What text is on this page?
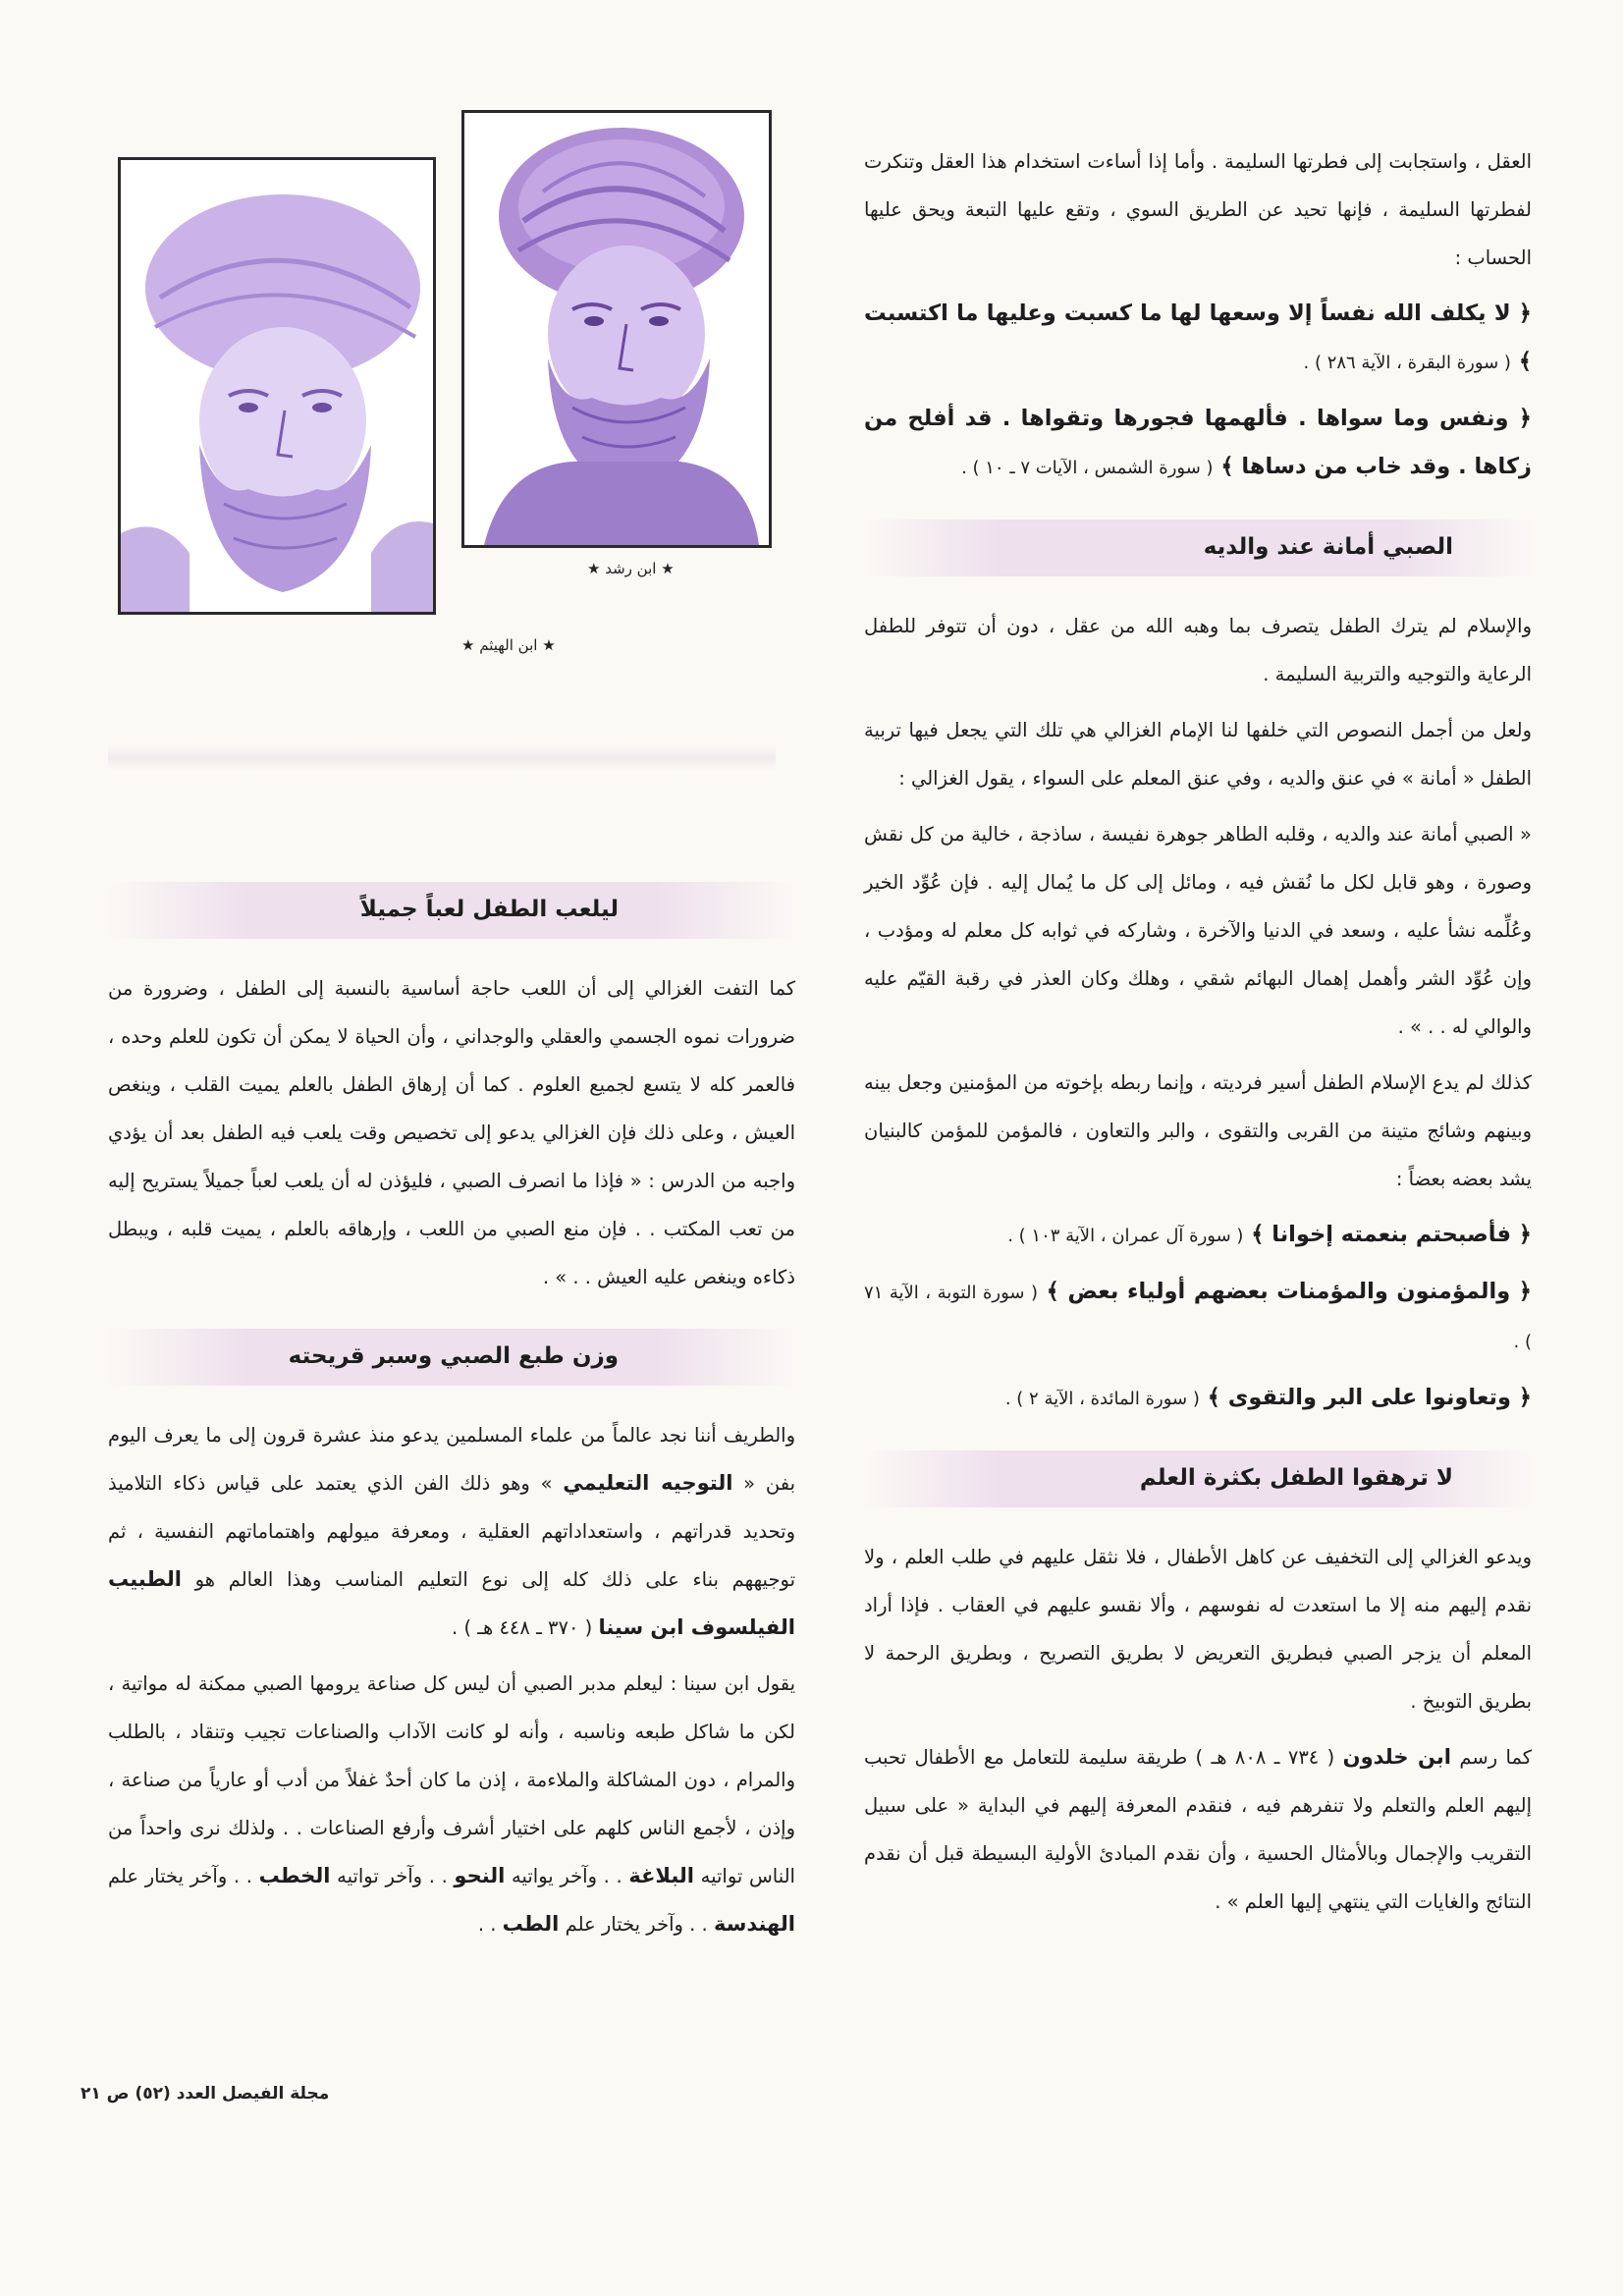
★ ابن رشد ★
★ ابن الهيثم ★

العقل ، واستجابت إلى فطرتها السليمة . وأما إذا أساءت استخدام هذا العقل وتنكرت لفطرتها السليمة ، فإنها تحيد عن الطريق السوي ، وتقع عليها التبعة ويحق عليها الحساب :

﴿ لا يكلف الله نفساً إلا وسعها لها ما كسبت وعليها ما اكتسبت ﴾ ( سورة البقرة ، الآية ٢٨٦ ) .

﴿ ونفس وما سواها . فألهمها فجورها وتقواها . قد أفلح من زكاها . وقد خاب من دساها ﴾ ( سورة الشمس ، الآيات ٧ ـ ١٠ ) .

الصبي أمانة عند والديه

والإسلام لم يترك الطفل يتصرف بما وهبه الله من عقل ، دون أن تتوفر للطفل الرعاية والتوجيه والتربية السليمة .

ولعل من أجمل النصوص التي خلفها لنا الإمام الغزالي هي تلك التي يجعل فيها تربية الطفل « أمانة » في عنق والديه ، وفي عنق المعلم على السواء ، يقول الغزالي :

« الصبي أمانة عند والديه ، وقلبه الطاهر جوهرة نفيسة ، ساذجة ، خالية من كل نقش وصورة ، وهو قابل لكل ما نُقش فيه ، ومائل إلى كل ما يُمال إليه . فإن عُوِّد الخير وعُلِّمه نشأ عليه ، وسعد في الدنيا والآخرة ، وشاركه في ثوابه كل معلم له ومؤدب ، وإن عُوِّد الشر وأهمل إهمال البهائم شقي ، وهلك وكان العذر في رقبة القيّم عليه والوالي له . . » .

كذلك لم يدع الإسلام الطفل أسير فرديته ، وإنما ربطه بإخوته من المؤمنين وجعل بينه وبينهم وشائج متينة من القربى والتقوى ، والبر والتعاون ، فالمؤمن للمؤمن كالبنيان يشد بعضه بعضاً :

﴿ فأصبحتم بنعمته إخوانا ﴾ ( سورة آل عمران ، الآية ١٠٣ ) .

﴿ والمؤمنون والمؤمنات بعضهم أولياء بعض ﴾ ( سورة التوبة ، الآية ٧١ ) .

﴿ وتعاونوا على البر والتقوى ﴾ ( سورة المائدة ، الآية ٢ ) .

لا ترهقوا الطفل بكثرة العلم

ويدعو الغزالي إلى التخفيف عن كاهل الأطفال ، فلا نثقل عليهم في طلب العلم ، ولا نقدم إليهم منه إلا ما استعدت له نفوسهم ، وألا نقسو عليهم في العقاب . فإذا أراد المعلم أن يزجر الصبي فبطريق التعريض لا بطريق التصريح ، وبطريق الرحمة لا بطريق التوبيخ .

كما رسم ابن خلدون ( ٧٣٤ ـ ٨٠٨ هـ ) طريقة سليمة للتعامل مع الأطفال تحبب إليهم العلم والتعلم ولا تنفرهم فيه ، فنقدم المعرفة إليهم في البداية « على سبيل التقريب والإجمال وبالأمثال الحسية ، وأن نقدم المبادئ الأولية البسيطة قبل أن نقدم النتائج والغايات التي ينتهي إليها العلم » .

ليلعب الطفل لعباً جميلاً

كما التفت الغزالي إلى أن اللعب حاجة أساسية بالنسبة إلى الطفل ، وضرورة من ضرورات نموه الجسمي والعقلي والوجداني ، وأن الحياة لا يمكن أن تكون للعلم وحده ، فالعمر كله لا يتسع لجميع العلوم . كما أن إرهاق الطفل بالعلم يميت القلب ، وينغص العيش ، وعلى ذلك فإن الغزالي يدعو إلى تخصيص وقت يلعب فيه الطفل بعد أن يؤدي واجبه من الدرس : « فإذا ما انصرف الصبي ، فليؤذن له أن يلعب لعباً جميلاً يستريح إليه من تعب المكتب . . فإن منع الصبي من اللعب ، وإرهاقه بالعلم ، يميت قلبه ، ويبطل ذكاءه وينغص عليه العيش . . » .

وزن طبع الصبي وسبر قريحته

والطريف أننا نجد عالماً من علماء المسلمين يدعو منذ عشرة قرون إلى ما يعرف اليوم بفن « التوجيه التعليمي » وهو ذلك الفن الذي يعتمد على قياس ذكاء التلاميذ وتحديد قدراتهم ، واستعداداتهم العقلية ، ومعرفة ميولهم واهتماماتهم النفسية ، ثم توجيههم بناء على ذلك كله إلى نوع التعليم المناسب وهذا العالم هو الطبيب الفيلسوف ابن سينا ( ٣٧٠ ـ ٤٤٨ هـ ) .

يقول ابن سينا : ليعلم مدبر الصبي أن ليس كل صناعة يرومها الصبي ممكنة له مواتية ، لكن ما شاكل طبعه وناسبه ، وأنه لو كانت الآداب والصناعات تجيب وتنقاد ، بالطلب والمرام ، دون المشاكلة والملاءمة ، إذن ما كان أحدٌ غفلاً من أدب أو عارياً من صناعة ، وإذن ، لأجمع الناس كلهم على اختيار أشرف وأرفع الصناعات . . ولذلك نرى واحداً من الناس تواتيه البلاغة . . وآخر يواتيه النحو . . وآخر تواتيه الخطب . . وآخر يختار علم الهندسة . . وآخر يختار علم الطب . .

مجلة الفيصل العدد (٥٢) ص ٢١
